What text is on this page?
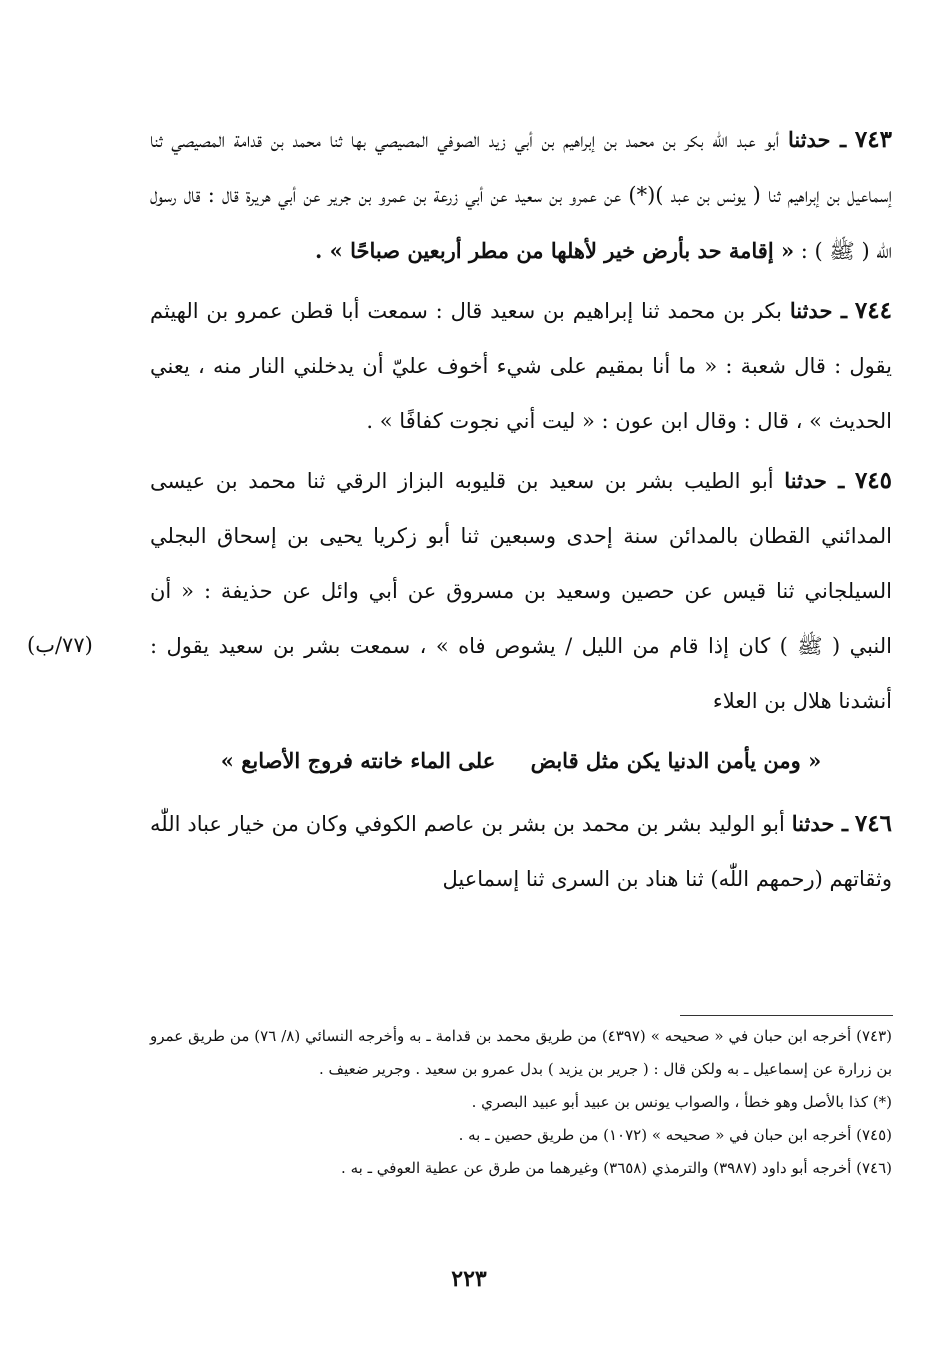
٧٤٣ ـ حدثنا أبو عبد اللّٰه بكر بن محمد بن إبراهيم بن أبي زيد الصوفي المصيصي بها ثنا محمد بن قدامة المصيصي ثنا إسماعيل بن إبراهيم ثنا ( يونس بن عبد )(*) عن عمرو بن سعيد عن أبي زرعة بن عمرو بن جرير عن أبي هريرة قال : قال رسول اللّٰه ( ﷺ ) : « إقامة حد بأرض خير لأهلها من مطر أربعين صباحًا » .

٧٤٤ ـ حدثنا بكر بن محمد ثنا إبراهيم بن سعيد قال : سمعت أبا قطن عمرو بن الهيثم يقول : قال شعبة : « ما أنا بمقيم على شيء أخوف عليّ أن يدخلني النار منه ، يعني الحديث » ، قال : وقال ابن عون : « ليت أني نجوت كفافًا » .

٧٤٥ ـ حدثنا أبو الطيب بشر بن سعيد بن قليوبه البزاز الرقي ثنا محمد بن عيسى المدائني القطان بالمدائن سنة إحدى وسبعين ثنا أبو زكريا يحيى بن إسحاق البجلي السيلجاني ثنا قيس عن حصين وسعيد بن مسروق عن أبي وائل عن حذيفة : « أن النبي ( ﷺ ) كان إذا قام من الليل /
(٧٧/ب)	يشوص فاه » ، سمعت بشر بن سعيد يقول : أنشدنا هلال بن العلاء

« ومن يأمن الدنيا يكن مثل قابض على الماء خانته فروج الأصابع »

٧٤٦ ـ حدثنا أبو الوليد بشر بن محمد بن بشر بن عاصم الكوفي وكان من خيار عباد اللّٰه وثقاتهم (رحمهم اللّٰه) ثنا هناد بن السرى ثنا إسماعيل

(٧٤٣) أخرجه ابن حبان في « صحيحه » (٤٣٩٧) من طريق محمد بن قدامة ـ به وأخرجه النسائي (٨/ ٧٦) من طريق عمرو بن زرارة عن إسماعيل ـ به ولكن قال : ( جرير بن يزيد ) بدل عمرو بن سعيد . وجرير ضعيف .

(*) كذا بالأصل وهو خطأ ، والصواب يونس بن عبيد أبو عبيد البصري .

(٧٤٥) أخرجه ابن حبان في « صحيحه » (١٠٧٢) من طريق حصين ـ به .

(٧٤٦) أخرجه أبو داود (٣٩٨٧) والترمذي (٣٦٥٨) وغيرهما من طرق عن عطية العوفي ـ به .

٢٢٣
